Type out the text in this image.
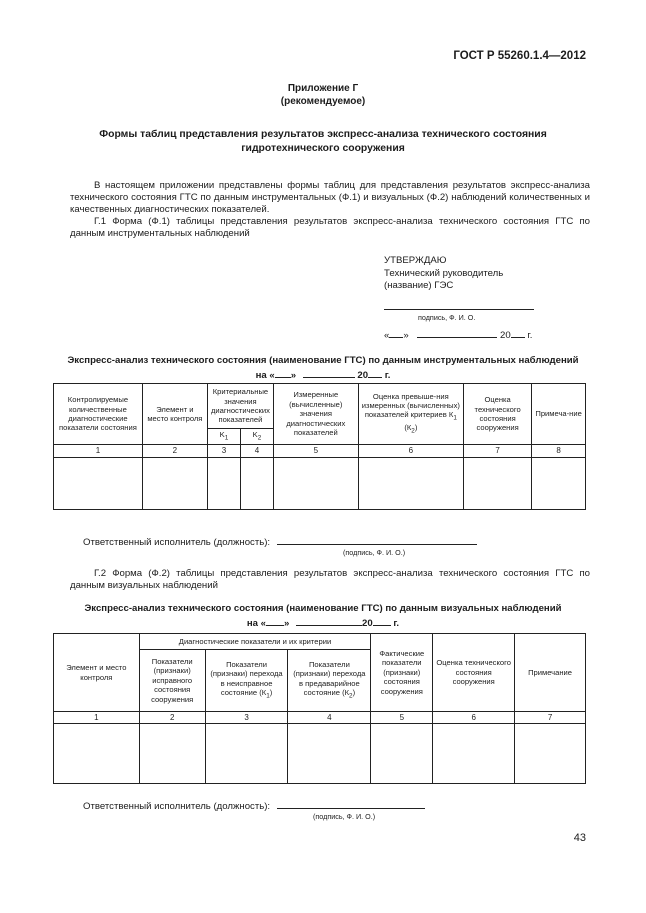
ГОСТ Р 55260.1.4—2012
Приложение Г
(рекомендуемое)
Формы таблиц представления результатов экспресс-анализа технического состояния
гидротехнического сооружения
В настоящем приложении представлены формы таблиц для представления результатов экспресс-анализа технического состояния ГТС по данным инструментальных (Ф.1) и визуальных (Ф.2) наблюдений количественных и качественных диагностических показателей.
Г.1 Форма (Ф.1) таблицы представления результатов экспресс-анализа технического состояния ГТС по данным инструментальных наблюдений
УТВЕРЖДАЮ
Технический руководитель
(название) ГЭС
подпись, Ф. И. О.
« »	20 г.
Экспресс-анализ технического состояния (наименование ГТС) по данным инструментальных наблюдений
на « »	20 г.
Контролируемые количественные диагностические показатели состояния	Элемент и место контроля	Критериальные значения диагностических показателей		Измеренные (вычисленные) значения диагностических показателей	Оценка превыше-ния измеренных (вычисленных) показателей критериев $К_1$ $(К_2)$	Оценка технического состояния сооружения	Примеча-ние
		$K_1$	$K_2$
1	2	3	4	5	6	7	8

Ответственный исполнитель (должность):
(подпись, Ф. И. О.)
Г.2 Форма (Ф.2) таблицы представления результатов экспресс-анализа технического состояния ГТС по данным визуальных наблюдений
Экспресс-анализ технического состояния (наименование ГТС) по данным визуальных наблюдений
на « »	20 г.
Элемент и место контроля	Диагностические показатели и их критерии			Фактические показатели (признаки) состояния сооружения	Оценка технического состояния сооружения	Примечание
	Показатели (признаки) исправного состояния сооружения	Показатели (признаки) перехода в неисправное состояние $(К_1)$	Показатели (признаки) перехода в предаварийное состояние $(К_2)$			
1	2	3	4	5	6	7

Ответственный исполнитель (должность):
(подпись, Ф. И. О.)
43
